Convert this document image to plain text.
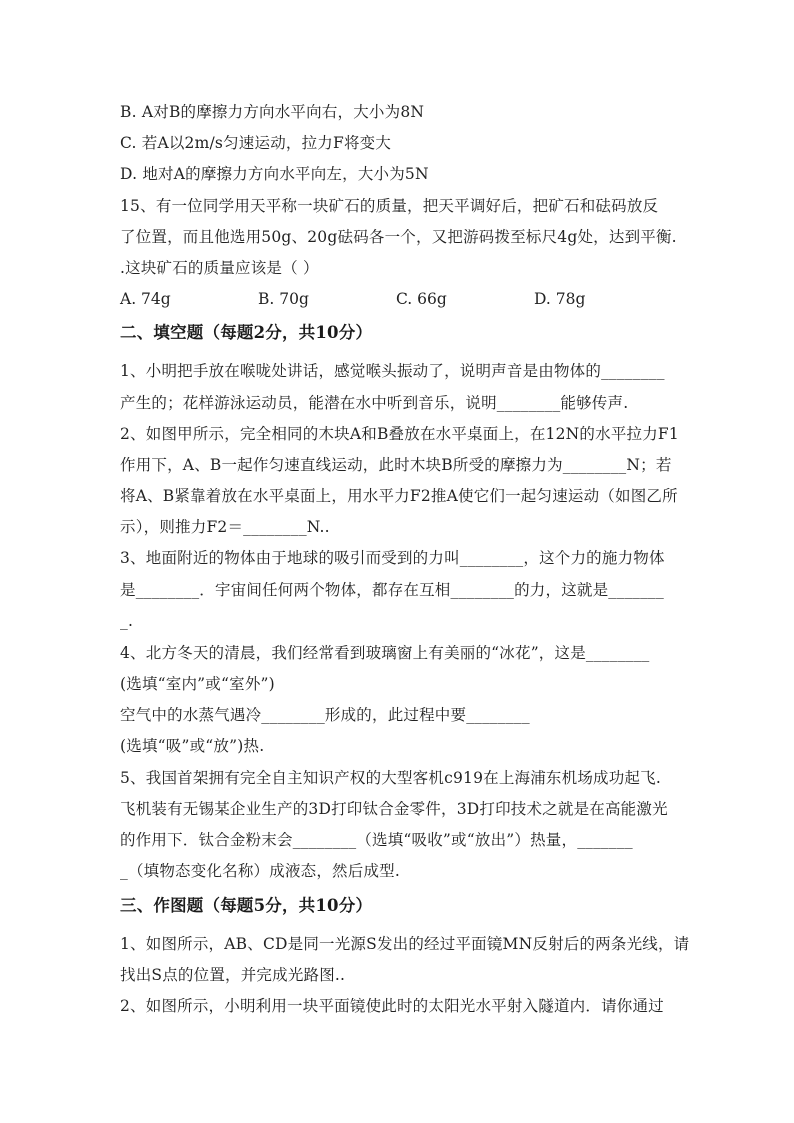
B. A对B的摩擦力方向水平向右，大小为8N
C. 若A以2m/s匀速运动，拉力F将变大
D. 地对A的摩擦力方向水平向左，大小为5N
15、有一位同学用天平称一块矿石的质量，把天平调好后，把矿石和砝码放反
了位置，而且他选用50g、20g砝码各一个，又把游码拨至标尺4g处，达到平衡.
.这块矿石的质量应该是（ ）
A. 74g	B. 70g	C. 66g	D. 78g
二、填空题（每题2分，共10分）
1、小明把手放在喉咙处讲话，感觉喉头振动了，说明声音是由物体的________
产生的；花样游泳运动员，能潜在水中听到音乐，说明________能够传声.
2、如图甲所示，完全相同的木块A和B叠放在水平桌面上，在12N的水平拉力F1
作用下，A、B一起作匀速直线运动，此时木块B所受的摩擦力为________N；若
将A、B紧靠着放在水平桌面上，用水平力F2推A使它们一起匀速运动（如图乙所
示），则推力F2＝________N..
3、地面附近的物体由于地球的吸引而受到的力叫________，这个力的施力物体
是________．宇宙间任何两个物体，都存在互相________的力，这就是_______
_.
4、北方冬天的清晨，我们经常看到玻璃窗上有美丽的“冰花”，这是________
(选填“室内”或“室外”)
空气中的水蒸气遇冷________形成的，此过程中要________
(选填“吸”或“放”)热.
5、我国首架拥有完全自主知识产权的大型客机c919在上海浦东机场成功起飞.
飞机装有无锡某企业生产的3D打印钛合金零件，3D打印技术之就是在高能激光
的作用下．钛合金粉末会________（选填“吸收”或“放出”）热量，_______
_（填物态变化名称）成液态，然后成型.
三、作图题（每题5分，共10分）
1、如图所示，AB、CD是同一光源S发出的经过平面镜MN反射后的两条光线，请
找出S点的位置，并完成光路图..
2、如图所示，小明利用一块平面镜使此时的太阳光水平射入隧道内．请你通过
